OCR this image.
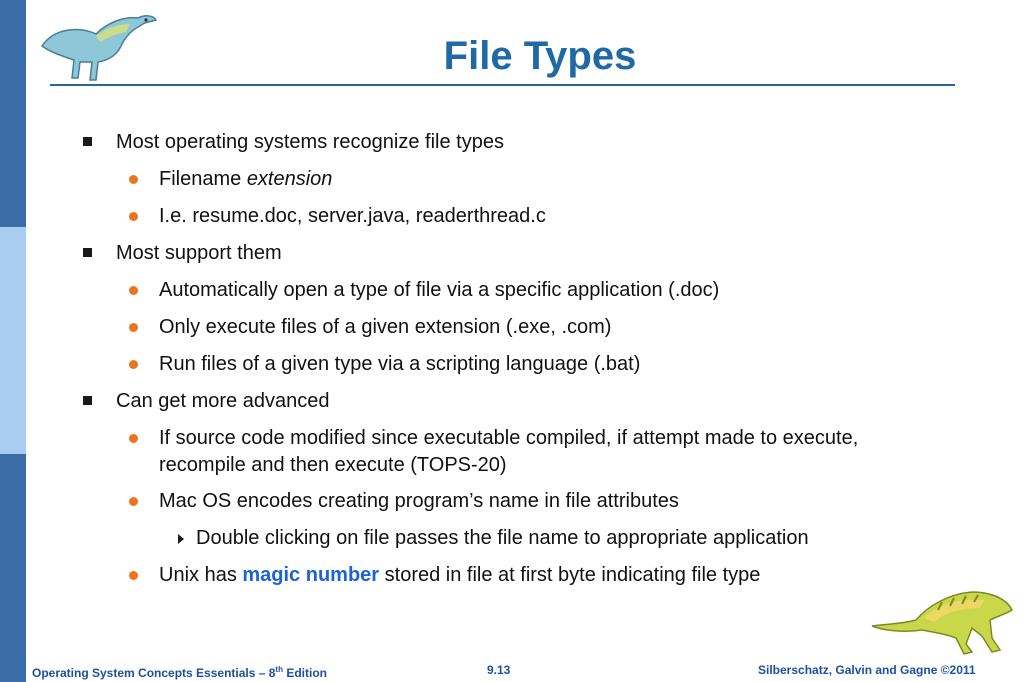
File Types
Most operating systems recognize file types
Filename extension
I.e. resume.doc, server.java, readerthread.c
Most support them
Automatically open a type of file via a specific application (.doc)
Only execute files of a given extension (.exe, .com)
Run files of a given type via a scripting language (.bat)
Can get more advanced
If source code modified since executable compiled, if attempt made to execute,
recompile and then execute (TOPS-20)
Mac OS encodes creating program’s name in file attributes
Double clicking on file passes the file name to appropriate application
Unix has magic number stored in file at first byte indicating file type
Operating System Concepts Essentials – 8th Edition	9.13	Silberschatz, Galvin and Gagne ©2011
